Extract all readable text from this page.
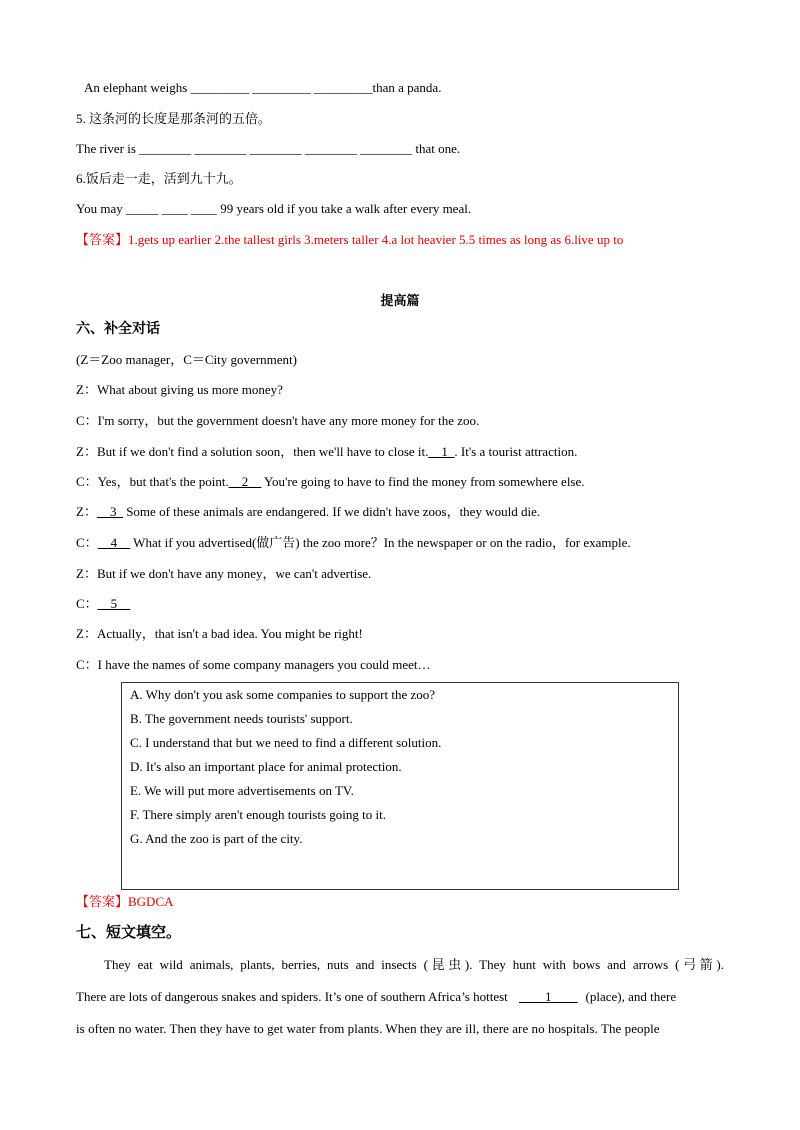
An elephant weighs _________ _________ _________than a panda.
5. 这条河的长度是那条河的五倍。
The river is ________ ________ ________ ________ ________ that one.
6.饭后走一走，活到九十九。
You may _____ ____ ____ 99 years old if you take a walk after every meal.
【答案】1.gets up earlier 2.the tallest girls 3.meters taller 4.a lot heavier 5.5 times as long as 6.live up to
提高篇
六、补全对话
(Z＝Zoo manager，C＝City government)
Z：What about giving us more money?
C：I'm sorry，but the government doesn't have any more money for the zoo.
Z：But if we don't find a solution soon，then we'll have to close it.__1_. It's a tourist attraction.
C：Yes，but that's the point.__2__ You're going to have to find the money from somewhere else.
Z：__3_ Some of these animals are endangered. If we didn't have zoos，they would die.
C：__4__ What if you advertised(做广告) the zoo more？In the newspaper or on the radio，for example.
Z：But if we don't have any money，we can't advertise.
C：__5__
Z：Actually，that isn't a bad idea. You might be right!
C：I have the names of some company managers you could meet…
A. Why don't you ask some companies to support the zoo?
B. The government needs tourists' support.
C. I understand that but we need to find a different solution.
D. It's also an important place for animal protection.
E. We will put more advertisements on TV.
F. There simply aren't enough tourists going to it.
G. And the zoo is part of the city.
【答案】BGDCA
七、短文填空。
They eat wild animals, plants, berries, nuts and insects (昆虫). They hunt with bows and arrows (弓箭).
There are lots of dangerous snakes and spiders. It’s one of southern Africa’s hottest ____1____ (place), and there
is often no water. Then they have to get water from plants. When they are ill, there are no hospitals. The people
